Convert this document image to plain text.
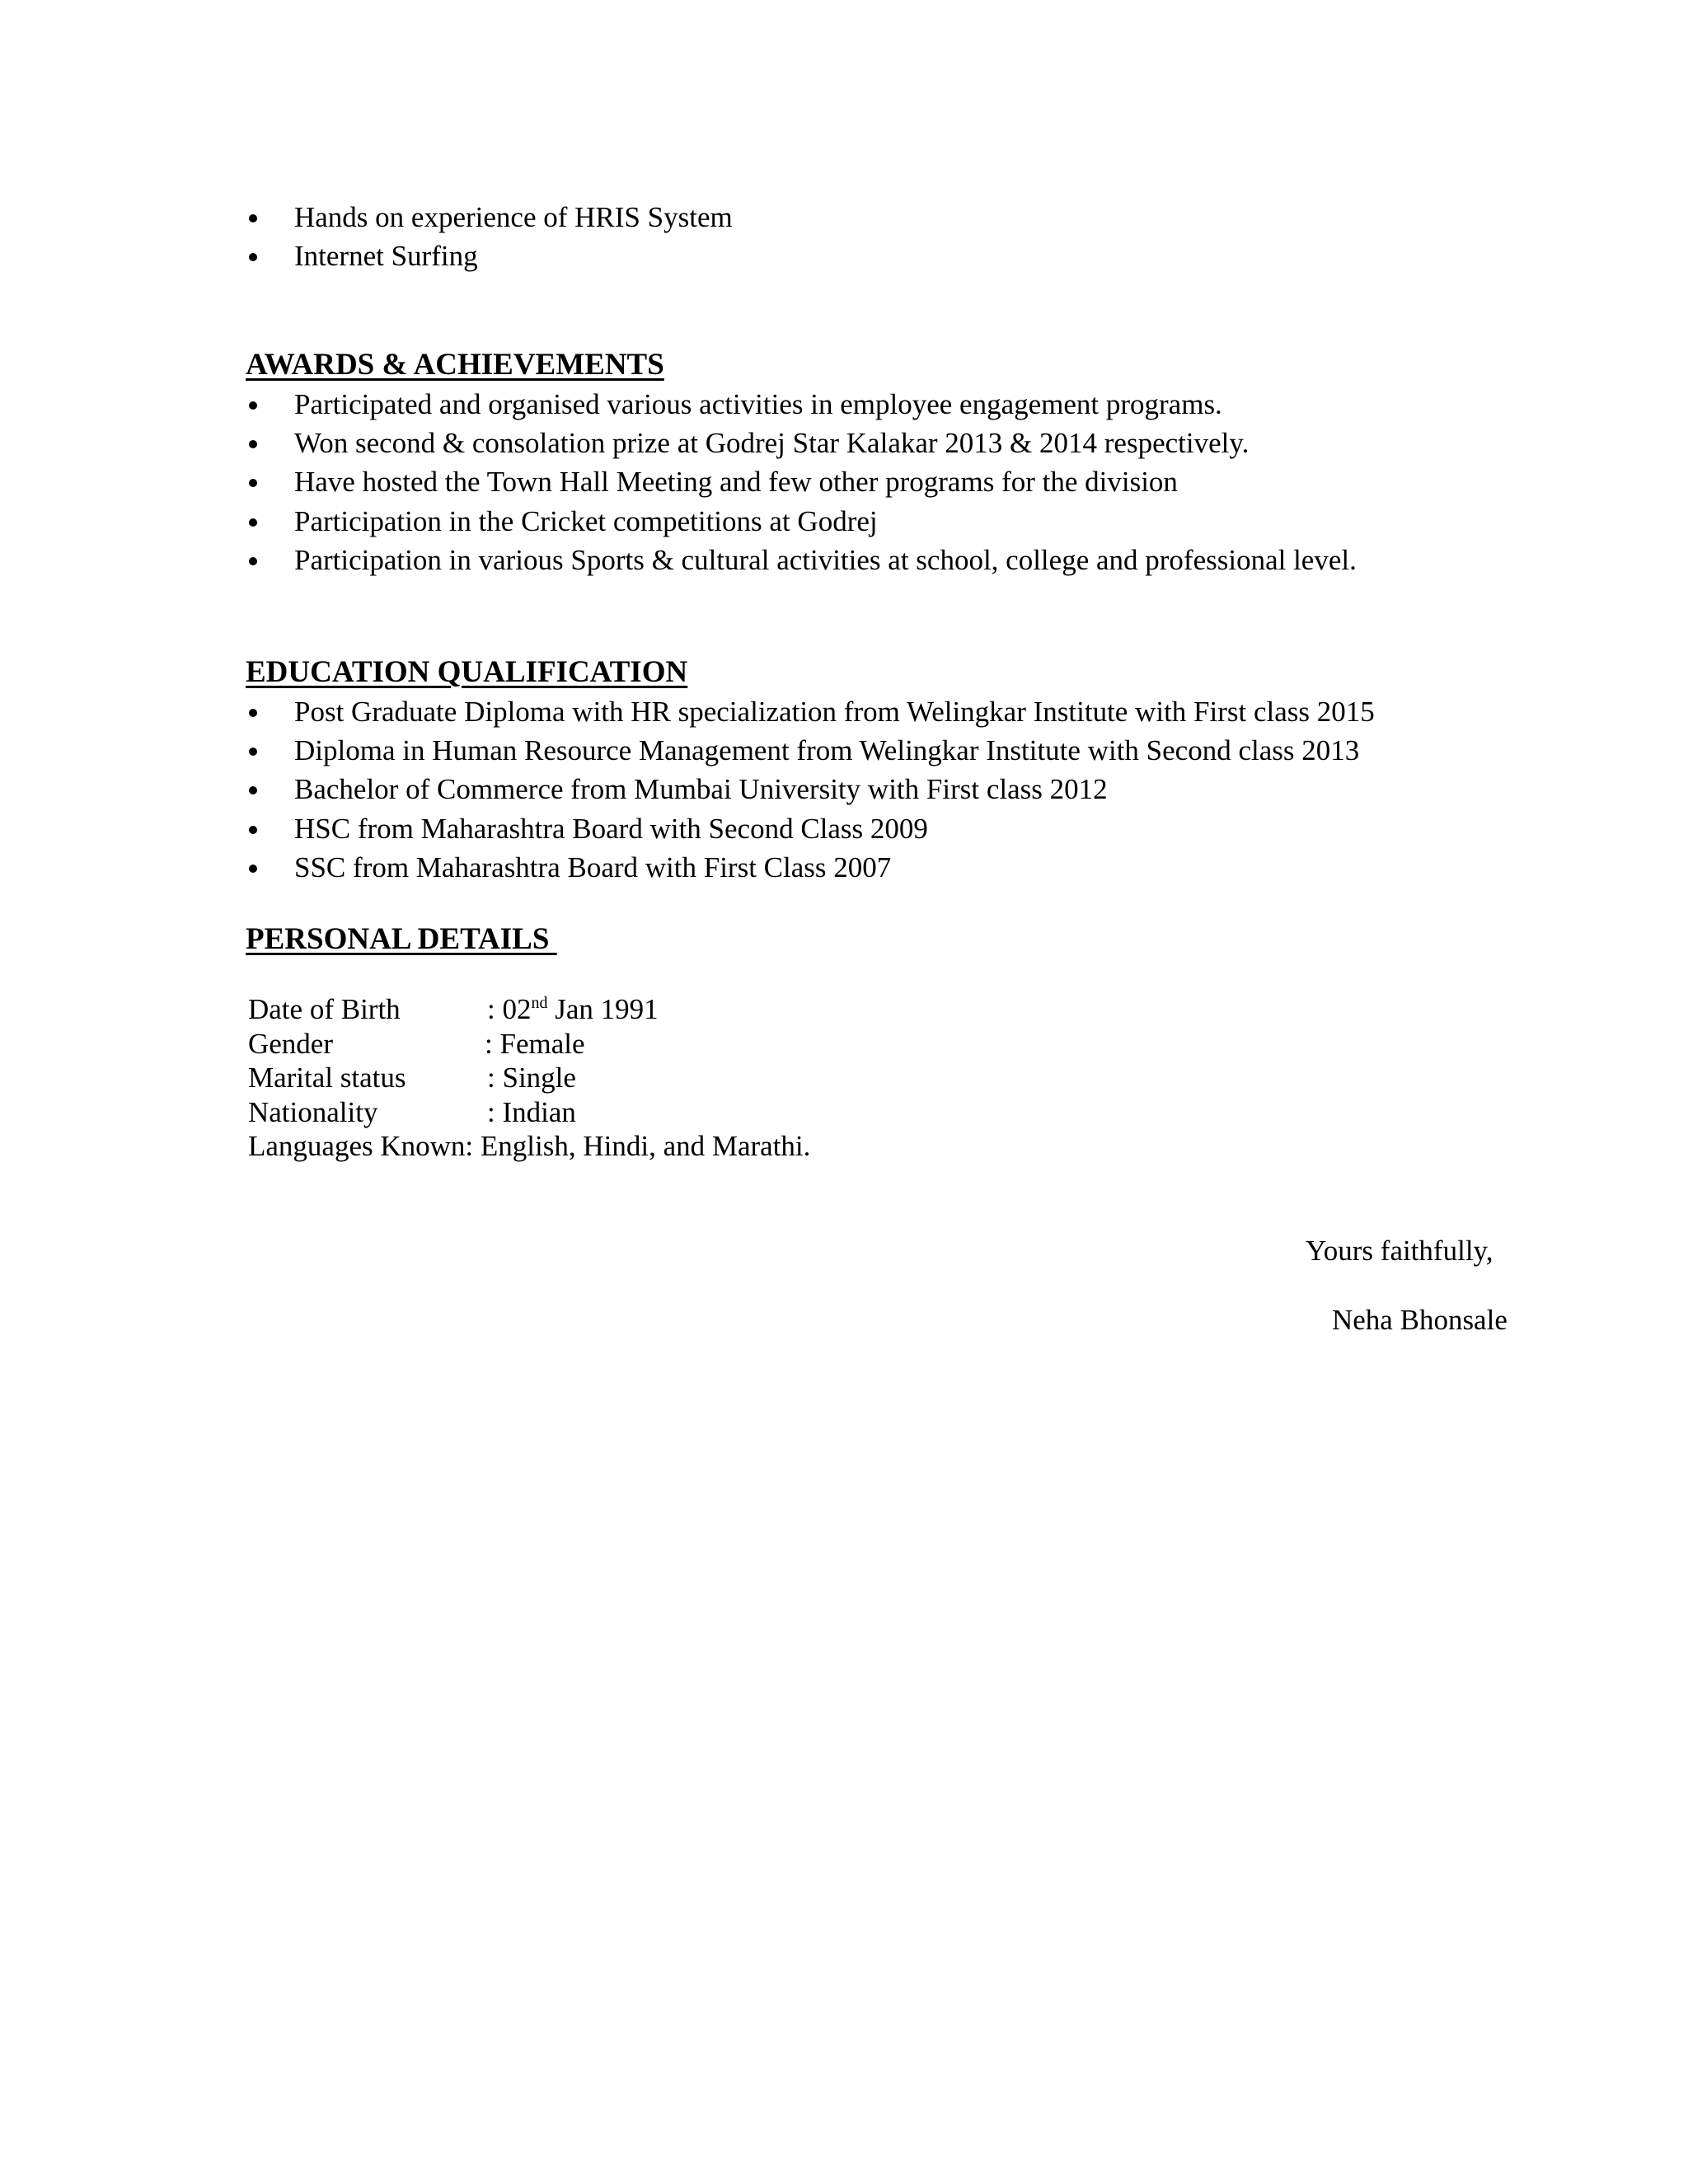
Hands on experience of HRIS System
Internet Surfing
AWARDS & ACHIEVEMENTS
Participated and organised various activities in employee engagement programs.
Won second & consolation prize at Godrej Star Kalakar 2013 & 2014 respectively.
Have hosted the Town Hall Meeting and few other programs for the division
Participation in the Cricket competitions at Godrej
Participation in various Sports & cultural activities at school, college and professional level.
EDUCATION QUALIFICATION
Post Graduate Diploma with HR specialization from Welingkar Institute with First class 2015
Diploma in Human Resource Management from Welingkar Institute with Second class 2013
Bachelor of Commerce from Mumbai University with First class 2012
HSC from Maharashtra Board with Second Class 2009
SSC from Maharashtra Board with First Class 2007
PERSONAL DETAILS
Date of Birth	: 02nd Jan 1991
Gender	: Female
Marital status	: Single
Nationality	: Indian
Languages Known: English, Hindi, and Marathi.
Yours faithfully,
Neha Bhonsale
